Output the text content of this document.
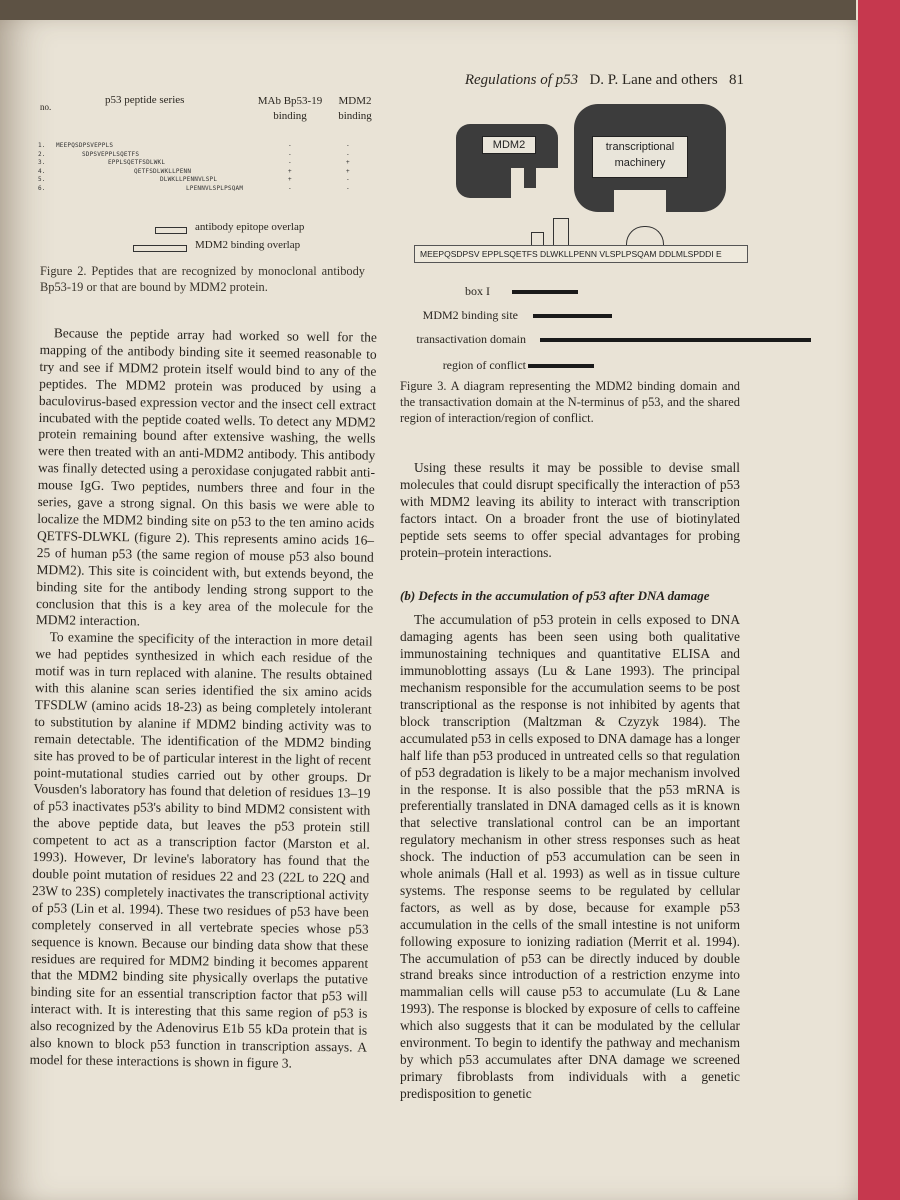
Regulations of p53 D. P. Lane and others 81
no.
p53 peptide series	MAb Bp53-19 binding
MDM2 binding
1. MEEPQSDPSVEPPLS	-	-
2.	SDPSVEPPLSQETFS	-	-
3.	EPPLSQETFSDLWKL	-	+
4.	QETFSDLWKLLPENN	+	+
5.	DLWKLLPENNVLSPL	+	-
6.	LPENNVLSPLPSQAM	-	-
antibody epitope overlap
MDM2 binding overlap
Figure 2. Peptides that are recognized by monoclonal antibody Bp53-19 or that are bound by MDM2 protein.
MDM2	transcriptional machinery
MEEPQSDPSV EPPLSQETFS DLWKLLPENN VLSPLPSQAM DDLMLSPDDI E
box I
MDM2 binding site
transactivation domain
region of conflict
Figure 3. A diagram representing the MDM2 binding domain and the transactivation domain at the N-terminus of p53, and the shared region of interaction/region of conflict.

Because the peptide array had worked so well for the mapping of the antibody binding site it seemed reasonable to try and see if MDM2 protein itself would bind to any of the peptides. The MDM2 protein was produced by using a baculovirus-based expression vector and the insect cell extract incubated with the peptide coated wells. To detect any MDM2 protein remaining bound after extensive washing, the wells were then treated with an anti-MDM2 antibody. This antibody was finally detected using a peroxidase conjugated rabbit anti-mouse IgG. Two peptides, numbers three and four in the series, gave a strong signal. On this basis we were able to localize the MDM2 binding site on p53 to the ten amino acids QETFS-DLWKL (figure 2). This represents amino acids 16–25 of human p53 (the same region of mouse p53 also bound MDM2). This site is coincident with, but extends beyond, the binding site for the antibody lending strong support to the conclusion that this is a key area of the molecule for the MDM2 interaction.

To examine the specificity of the interaction in more detail we had peptides synthesized in which each residue of the motif was in turn replaced with alanine. The results obtained with this alanine scan series identified the six amino acids TFSDLW (amino acids 18-23) as being completely intolerant to substitution by alanine if MDM2 binding activity was to remain detectable. The identification of the MDM2 binding site has proved to be of particular interest in the light of recent point-mutational studies carried out by other groups. Dr Vousden's laboratory has found that deletion of residues 13–19 of p53 inactivates p53's ability to bind MDM2 consistent with the above peptide data, but leaves the p53 protein still competent to act as a transcription factor (Marston et al. 1993). However, Dr levine's laboratory has found that the double point mutation of residues 22 and 23 (22L to 22Q and 23W to 23S) completely inactivates the transcriptional activity of p53 (Lin et al. 1994). These two residues of p53 have been completely conserved in all vertebrate species whose p53 sequence is known. Because our binding data show that these residues are required for MDM2 binding it becomes apparent that the MDM2 binding site physically overlaps the putative binding site for an essential transcription factor that p53 will interact with. It is interesting that this same region of p53 is also recognized by the Adenovirus E1b 55 kDa protein that is also known to block p53 function in transcription assays. A model for these interactions is shown in figure 3.

Using these results it may be possible to devise small molecules that could disrupt specifically the interaction of p53 with MDM2 leaving its ability to interact with transcription factors intact. On a broader front the use of biotinylated peptide sets seems to offer special advantages for probing protein–protein interactions.

(b) Defects in the accumulation of p53 after DNA damage

The accumulation of p53 protein in cells exposed to DNA damaging agents has been seen using both qualitative immunostaining techniques and quantitative ELISA and immunoblotting assays (Lu & Lane 1993). The principal mechanism responsible for the accumulation seems to be post transcriptional as the response is not inhibited by agents that block transcription (Maltzman & Czyzyk 1984). The accumulated p53 in cells exposed to DNA damage has a longer half life than p53 produced in untreated cells so that regulation of p53 degradation is likely to be a major mechanism involved in the response. It is also possible that the p53 mRNA is preferentially translated in DNA damaged cells as it is known that selective translational control can be an important regulatory mechanism in other stress responses such as heat shock. The induction of p53 accumulation can be seen in whole animals (Hall et al. 1993) as well as in tissue culture systems. The response seems to be regulated by cellular factors, as well as by dose, because for example p53 accumulation in the cells of the small intestine is not uniform following exposure to ionizing radiation (Merrit et al. 1994). The accumulation of p53 can be directly induced by double strand breaks since introduction of a restriction enzyme into mammalian cells will cause p53 to accumulate (Lu & Lane 1993). The response is blocked by exposure of cells to caffeine which also suggests that it can be modulated by the cellular environment. To begin to identify the pathway and mechanism by which p53 accumulates after DNA damage we screened primary fibroblasts from individuals with a genetic predisposition to genetic
